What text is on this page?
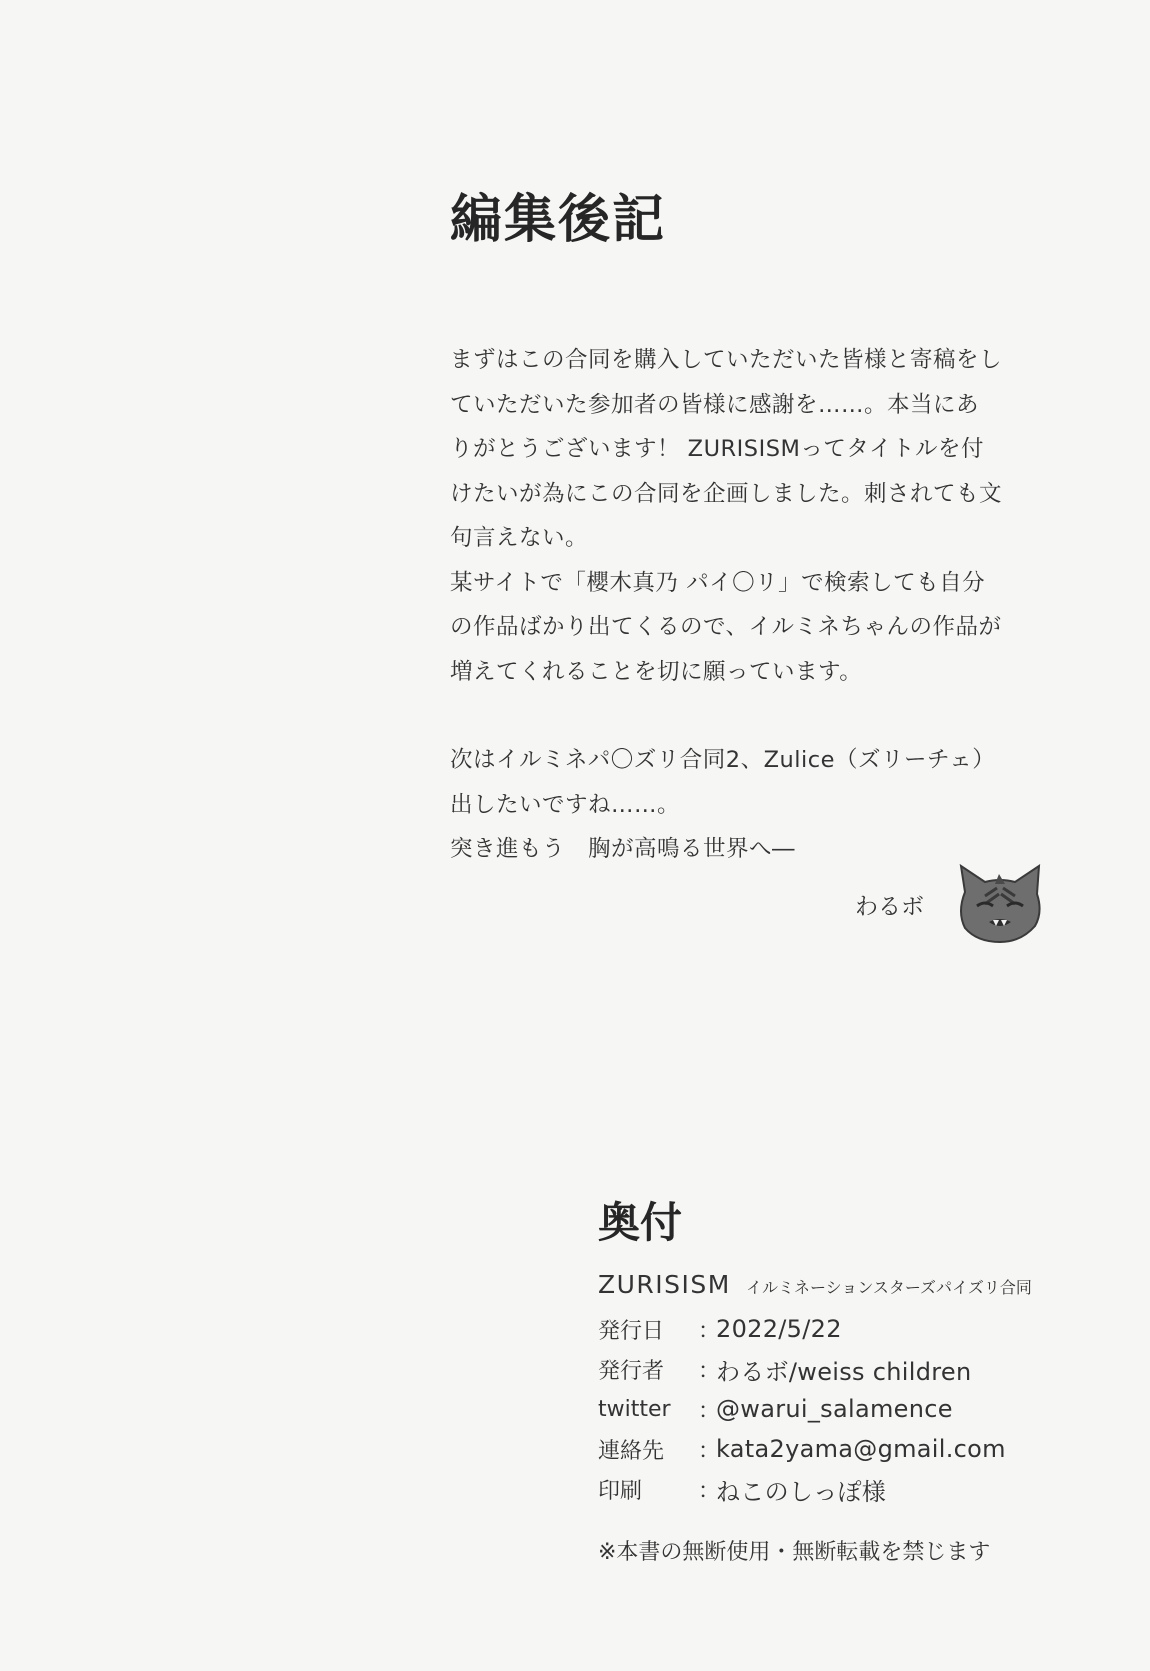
編集後記

まずはこの合同を購入していただいた皆様と寄稿をし

ていただいた参加者の皆様に感謝を……。本当にあ

りがとうございます！ ZURISISMってタイトルを付

けたいが為にこの合同を企画しました。刺されても文

句言えない。

某サイトで「櫻木真乃 パイ〇リ」で検索しても自分

の作品ばかり出てくるので、イルミネちゃんの作品が

増えてくれることを切に願っています。

次はイルミネパ〇ズリ合同2、Zulice（ズリーチェ）

出したいですね……。

突き進もう　胸が高鳴る世界へ―

わるボ
奥付
ZURISISM イルミネーションスターズパイズリ合同
発行日	：
2022/5/22
発行者	：
わるボ/weiss children
twitter	：
@warui_salamence
連絡先	：
kata2yama@gmail.com
印刷	：
ねこのしっぽ様
※本書の無断使用・無断転載を禁じます
